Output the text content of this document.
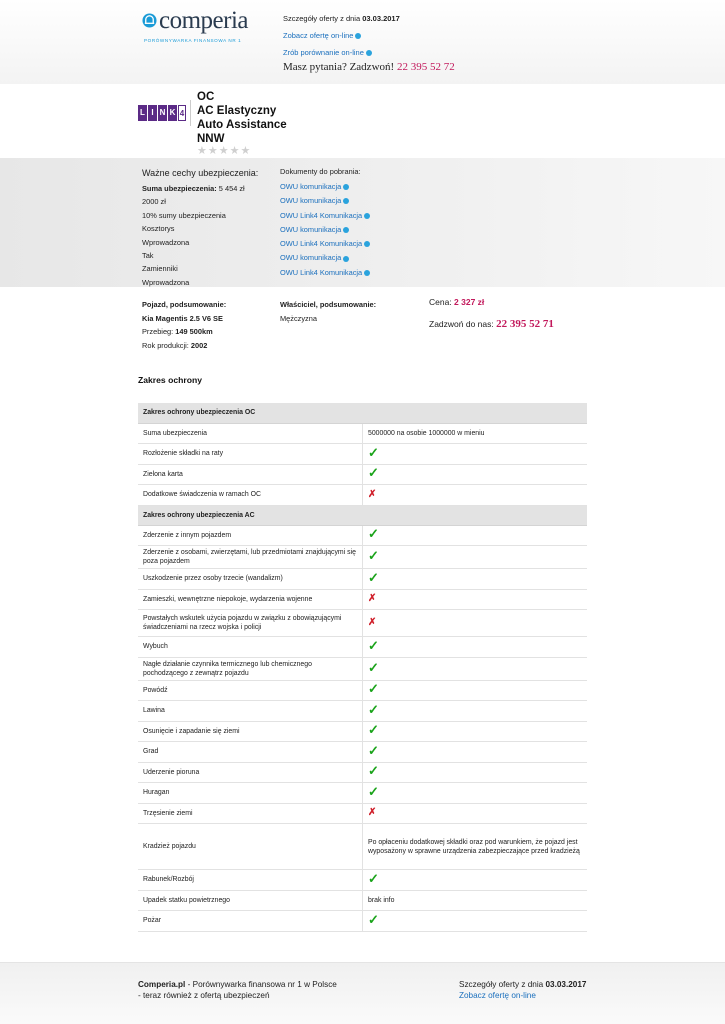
comperia
PORÓWNYWARKA FINANSOWA NR 1
Szczegóły oferty z dnia 03.03.2017
Zobacz ofertę on-line
Zrób porównanie on-line
Masz pytania? Zadzwoń! 22 395 52 72
L I N K 4
OC
AC Elastyczny
Auto Assistance
NNW
★ ★ ★ ★ ★
Ważne cechy ubezpieczenia:
Suma ubezpieczenia: 5 454 zł
2000 zł
10% sumy ubezpieczenia
Kosztorys
Wprowadzona
Tak
Zamienniki
Wprowadzona
Dokumenty do pobrania:
OWU komunikacja
OWU komunikacja
OWU Link4 Komunikacja
OWU komunikacja
OWU Link4 Komunikacja
OWU komunikacja
OWU Link4 Komunikacja
Pojazd, podsumowanie:
Kia Magentis 2.5 V6 SE
Przebieg: 149 500km
Rok produkcji: 2002
Właściciel, podsumowanie:
Mężczyzna
Cena: 2 327 zł
Zadzwoń do nas: 22 395 52 71
Zakres ochrony
Zakres ochrony ubezpieczenia OC	
Suma ubezpieczenia	5000000 na osobie 1000000 w mieniu
Rozłożenie składki na raty	✓
Zielona karta	✓
Dodatkowe świadczenia w ramach OC	✗
Zakres ochrony ubezpieczenia AC	
Zderzenie z innym pojazdem	✓
Zderzenie z osobami, zwierzętami, lub przedmiotami znajdującymi się poza pojazdem	✓
Uszkodzenie przez osoby trzecie (wandalizm)	✓
Zamieszki, wewnętrzne niepokoje, wydarzenia wojenne	✗
Powstałych wskutek użycia pojazdu w związku z obowiązującymi świadczeniami na rzecz wojska i policji	✗
Wybuch	✓
Nagłe działanie czynnika termicznego lub chemicznego pochodzącego z zewnątrz pojazdu	✓
Powódź	✓
Lawina	✓
Osunięcie i zapadanie się ziemi	✓
Grad	✓
Uderzenie pioruna	✓
Huragan	✓
Trzęsienie ziemi	✗
Kradzież pojazdu	Po opłaceniu dodatkowej składki oraz pod warunkiem, że pojazd jest wyposażony w sprawne urządzenia zabezpieczające przed kradzieżą
Rabunek/Rozbój	✓
Upadek statku powietrznego	brak info
Pożar	✓
Comperia.pl - Porównywarka finansowa nr 1 w Polsce
- teraz również z ofertą ubezpieczeń
Szczegóły oferty z dnia 03.03.2017
Zobacz ofertę on-line
